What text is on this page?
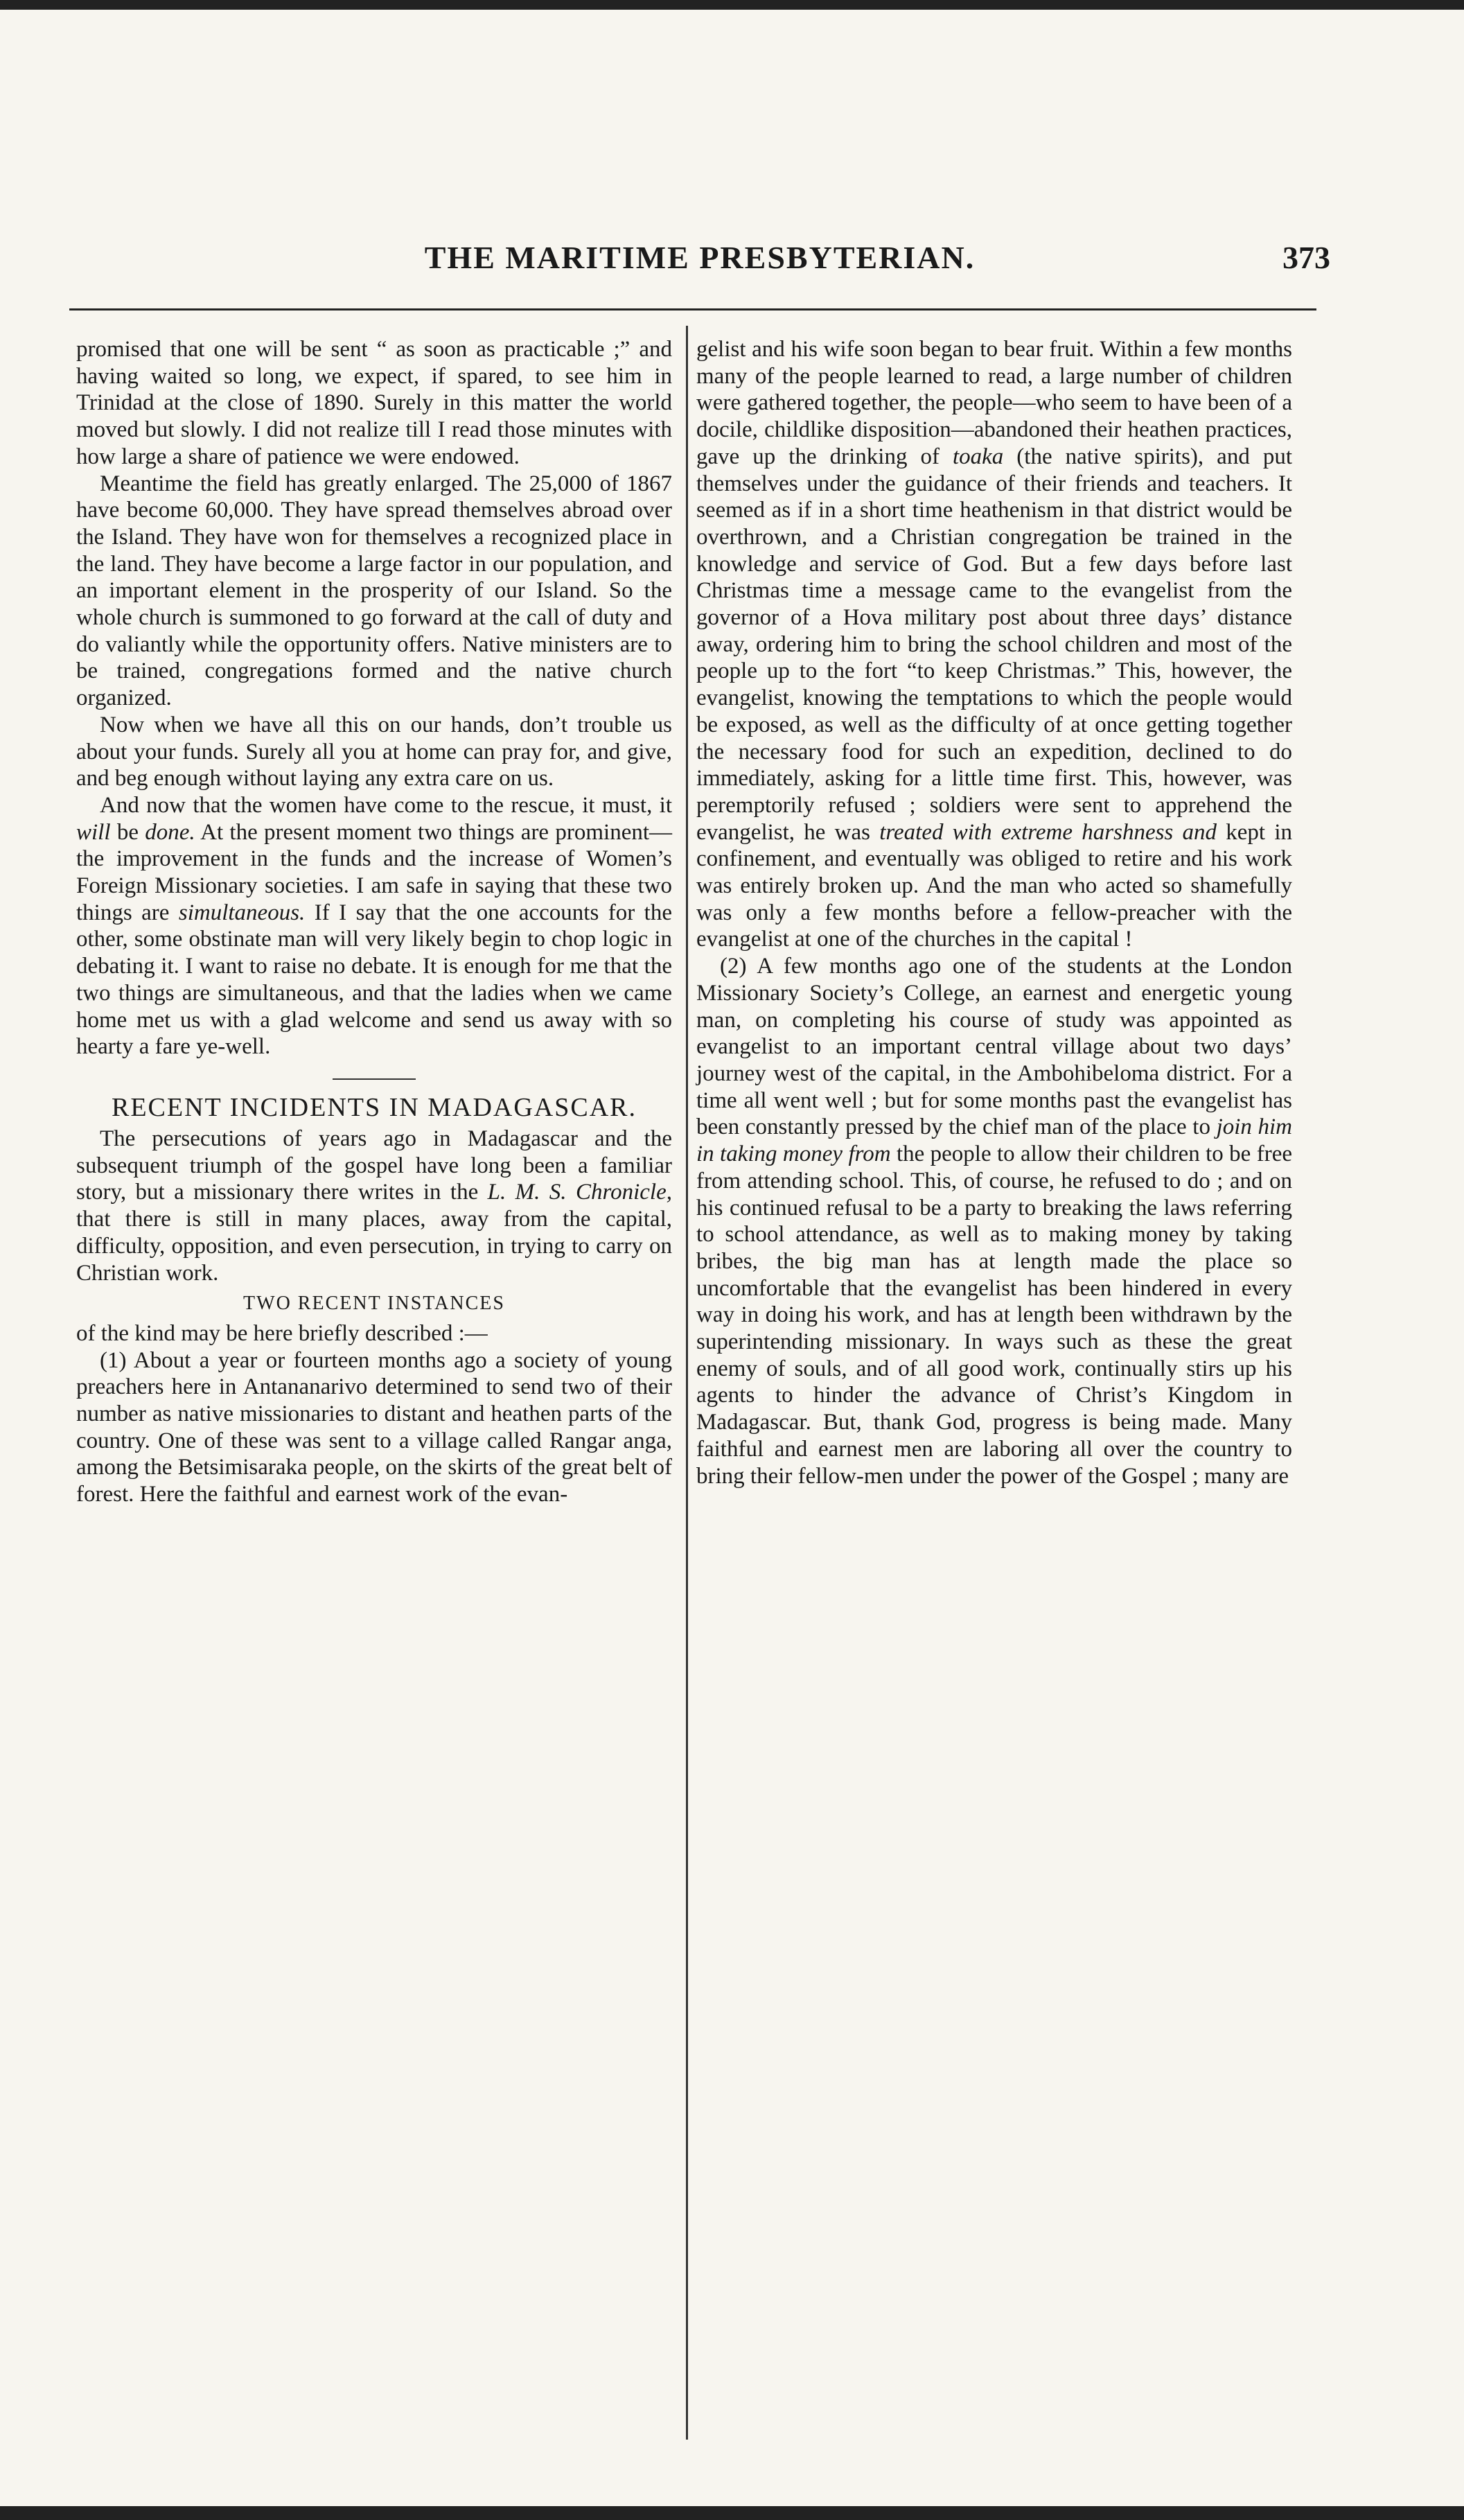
THE MARITIME PRESBYTERIAN.	373

promised that one will be sent “ as soon as practicable ;” and having waited so long, we expect, if spared, to see him in Trinidad at the close of 1890. Surely in this matter the world moved but slowly. I did not realize till I read those minutes with how large a share of patience we were endowed.

Meantime the field has greatly enlarged. The 25,000 of 1867 have become 60,000. They have spread themselves abroad over the Island. They have won for themselves a recognized place in the land. They have become a large factor in our population, and an important element in the prosperity of our Island. So the whole church is summoned to go forward at the call of duty and do valiantly while the opportunity offers. Native ministers are to be trained, congregations formed and the native church organized.

Now when we have all this on our hands, don’t trouble us about your funds. Surely all you at home can pray for, and give, and beg enough without laying any extra care on us.

And now that the women have come to the rescue, it must, it will be done. At the present moment two things are prominent—the improvement in the funds and the increase of Women’s Foreign Missionary societies. I am safe in saying that these two things are simultaneous. If I say that the one accounts for the other, some obstinate man will very likely begin to chop logic in debating it. I want to raise no debate. It is enough for me that the two things are simultaneous, and that the ladies when we came home met us with a glad welcome and send us away with so hearty a fare ye-well.

RECENT INCIDENTS IN MADAGASCAR.

The persecutions of years ago in Madagascar and the subsequent triumph of the gospel have long been a familiar story, but a missionary there writes in the L. M. S. Chronicle, that there is still in many places, away from the capital, difficulty, opposition, and even persecution, in trying to carry on Christian work.

TWO RECENT INSTANCES

of the kind may be here briefly described :—

(1) About a year or fourteen months ago a society of young preachers here in Antananarivo determined to send two of their number as native missionaries to distant and heathen parts of the country. One of these was sent to a village called Rangar anga, among the Betsimisaraka people, on the skirts of the great belt of forest. Here the faithful and earnest work of the evan-

gelist and his wife soon began to bear fruit. Within a few months many of the people learned to read, a large number of children were gathered together, the people—who seem to have been of a docile, childlike disposition—abandoned their heathen practices, gave up the drinking of toaka (the native spirits), and put themselves under the guidance of their friends and teachers. It seemed as if in a short time heathenism in that district would be overthrown, and a Christian congregation be trained in the knowledge and service of God. But a few days before last Christmas time a message came to the evangelist from the governor of a Hova military post about three days’ distance away, ordering him to bring the school children and most of the people up to the fort “to keep Christmas.” This, however, the evangelist, knowing the temptations to which the people would be exposed, as well as the difficulty of at once getting together the necessary food for such an expedition, declined to do immediately, asking for a little time first. This, however, was peremptorily refused ; soldiers were sent to apprehend the evangelist, he was treated with extreme harshness and kept in confinement, and eventually was obliged to retire and his work was entirely broken up. And the man who acted so shamefully was only a few months before a fellow-preacher with the evangelist at one of the churches in the capital !

(2) A few months ago one of the students at the London Missionary Society’s College, an earnest and energetic young man, on completing his course of study was appointed as evangelist to an important central village about two days’ journey west of the capital, in the Ambohibeloma district. For a time all went well ; but for some months past the evangelist has been constantly pressed by the chief man of the place to join him in taking money from the people to allow their children to be free from attending school. This, of course, he refused to do ; and on his continued refusal to be a party to breaking the laws referring to school attendance, as well as to making money by taking bribes, the big man has at length made the place so uncomfortable that the evangelist has been hindered in every way in doing his work, and has at length been withdrawn by the superintending missionary. In ways such as these the great enemy of souls, and of all good work, continually stirs up his agents to hinder the advance of Christ’s Kingdom in Madagascar. But, thank God, progress is being made. Many faithful and earnest men are laboring all over the country to bring their fellow-men under the power of the Gospel ; many are
